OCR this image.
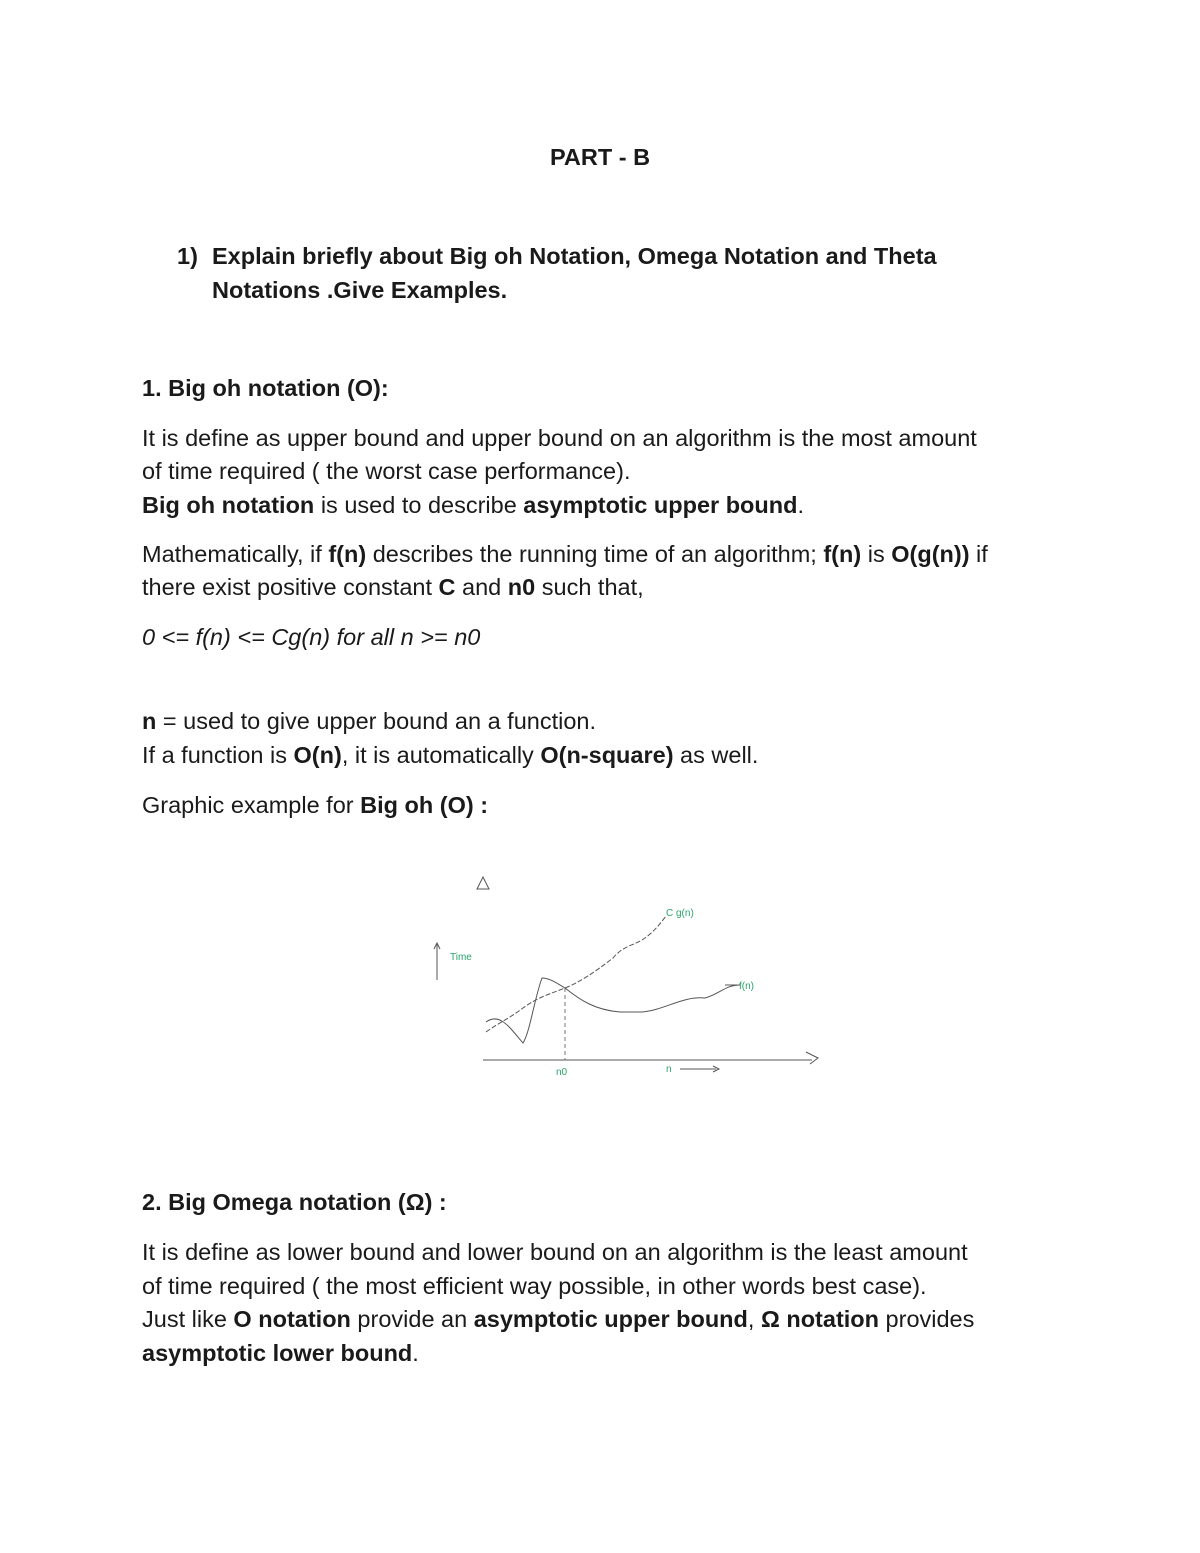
PART - B
1) Explain briefly about Big oh Notation, Omega Notation and Theta
Notations .Give Examples.
1. Big oh notation (O):
It is define as upper bound and upper bound on an algorithm is the most amount
of time required ( the worst case performance).
Big oh notation is used to describe asymptotic upper bound.
Mathematically, if f(n) describes the running time of an algorithm; f(n) is O(g(n)) if
there exist positive constant C and n0 such that,
0 <= f(n) <= Cg(n) for all n >= n0
n = used to give upper bound an a function.
If a function is O(n), it is automatically O(n-square) as well.
Graphic example for Big oh (O) :
Time
C g(n)
f(n)
n0	n
2. Big Omega notation (Ω) :
It is define as lower bound and lower bound on an algorithm is the least amount
of time required ( the most efficient way possible, in other words best case).
Just like O notation provide an asymptotic upper bound, Ω notation provides
asymptotic lower bound.
